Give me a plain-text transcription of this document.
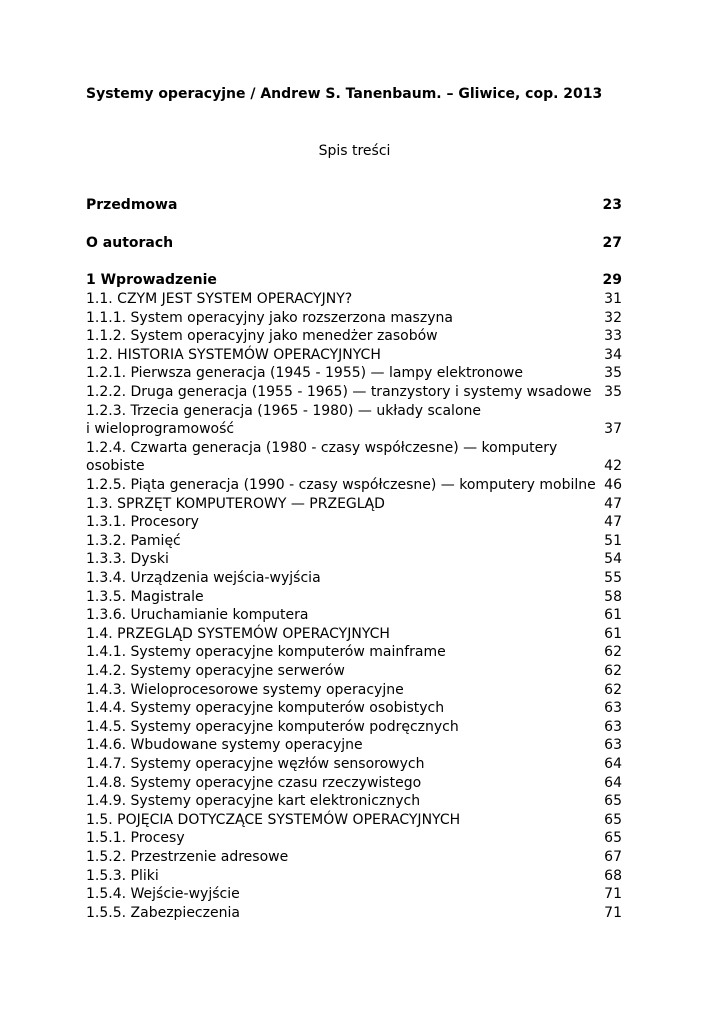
Systemy operacyjne / Andrew S. Tanenbaum. – Gliwice, cop. 2013
Spis treści
Przedmowa	23
O autorach	27
1 Wprowadzenie	29
1.1. CZYM JEST SYSTEM OPERACYJNY?	31
1.1.1. System operacyjny jako rozszerzona maszyna	32
1.1.2. System operacyjny jako menedżer zasobów	33
1.2. HISTORIA SYSTEMÓW OPERACYJNYCH	34
1.2.1. Pierwsza generacja (1945 - 1955) — lampy elektronowe	35
1.2.2. Druga generacja (1955 - 1965) — tranzystory i systemy wsadowe 35
1.2.3. Trzecia generacja (1965 - 1980) — układy scalone
i wieloprogramowość	37
1.2.4. Czwarta generacja (1980 - czasy współczesne) — komputery
osobiste	42
1.2.5. Piąta generacja (1990 - czasy współczesne) — komputery mobilne 46
1.3. SPRZĘT KOMPUTEROWY — PRZEGLĄD	47
1.3.1. Procesory	47
1.3.2. Pamięć	51
1.3.3. Dyski	54
1.3.4. Urządzenia wejścia-wyjścia	55
1.3.5. Magistrale	58
1.3.6. Uruchamianie komputera	61
1.4. PRZEGLĄD SYSTEMÓW OPERACYJNYCH	61
1.4.1. Systemy operacyjne komputerów mainframe	62
1.4.2. Systemy operacyjne serwerów	62
1.4.3. Wieloprocesorowe systemy operacyjne	62
1.4.4. Systemy operacyjne komputerów osobistych	63
1.4.5. Systemy operacyjne komputerów podręcznych	63
1.4.6. Wbudowane systemy operacyjne	63
1.4.7. Systemy operacyjne węzłów sensorowych	64
1.4.8. Systemy operacyjne czasu rzeczywistego	64
1.4.9. Systemy operacyjne kart elektronicznych	65
1.5. POJĘCIA DOTYCZĄCE SYSTEMÓW OPERACYJNYCH	65
1.5.1. Procesy	65
1.5.2. Przestrzenie adresowe	67
1.5.3. Pliki	68
1.5.4. Wejście-wyjście	71
1.5.5. Zabezpieczenia	71
